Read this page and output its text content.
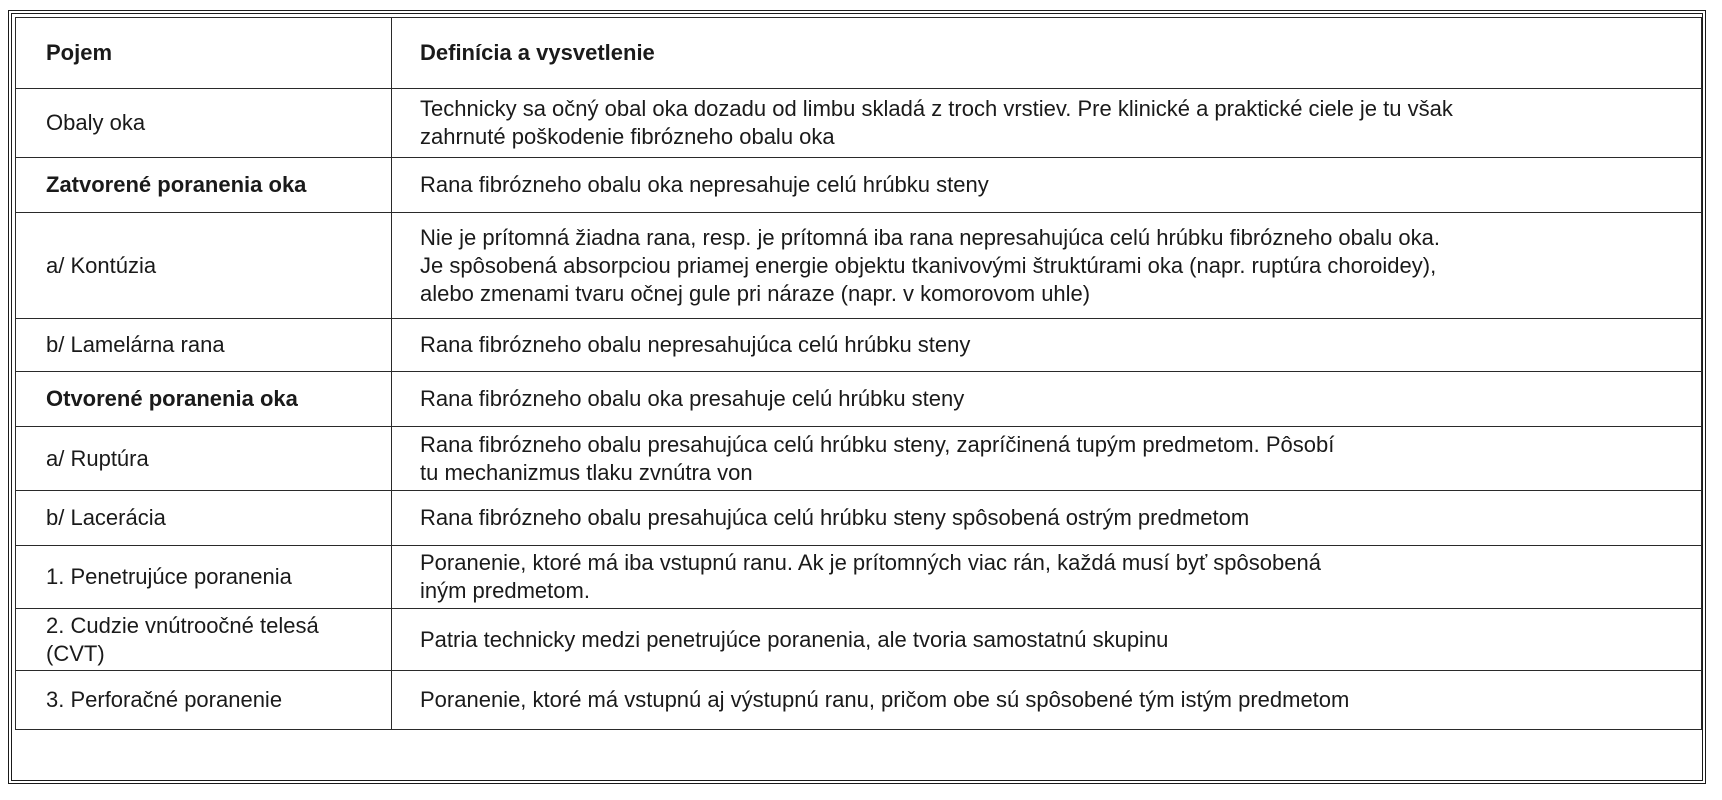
Pojem	Definícia a vysvetlenie
Obaly oka	Technicky sa očný obal oka dozadu od limbu skladá z troch vrstiev. Pre klinické a praktické ciele je tu však
zahrnuté poškodenie fibrózneho obalu oka

Zatvorené poranenia oka	Rana fibrózneho obalu oka nepresahuje celú hrúbku steny

a/ Kontúzia	Nie je prítomná žiadna rana, resp. je prítomná iba rana nepresahujúca celú hrúbku fibrózneho obalu oka.
Je spôsobená absorpciou priamej energie objektu tkanivovými štruktúrami oka (napr. ruptúra choroidey),
alebo zmenami tvaru očnej gule pri náraze (napr. v komorovom uhle)

b/ Lamelárna rana	Rana fibrózneho obalu nepresahujúca celú hrúbku steny

Otvorené poranenia oka	Rana fibrózneho obalu oka presahuje celú hrúbku steny

a/ Ruptúra	Rana fibrózneho obalu presahujúca celú hrúbku steny, zapríčinená tupým predmetom. Pôsobí
tu mechanizmus tlaku zvnútra von

b/ Lacerácia	Rana fibrózneho obalu presahujúca celú hrúbku steny spôsobená ostrým predmetom

1. Penetrujúce poranenia	Poranenie, ktoré má iba vstupnú ranu. Ak je prítomných viac rán, každá musí byť spôsobená
iným predmetom.

2. Cudzie vnútroočné telesá (CVT)	Patria technicky medzi penetrujúce poranenia, ale tvoria samostatnú skupinu

3. Perforačné poranenie	Poranenie, ktoré má vstupnú aj výstupnú ranu, pričom obe sú spôsobené tým istým predmetom
